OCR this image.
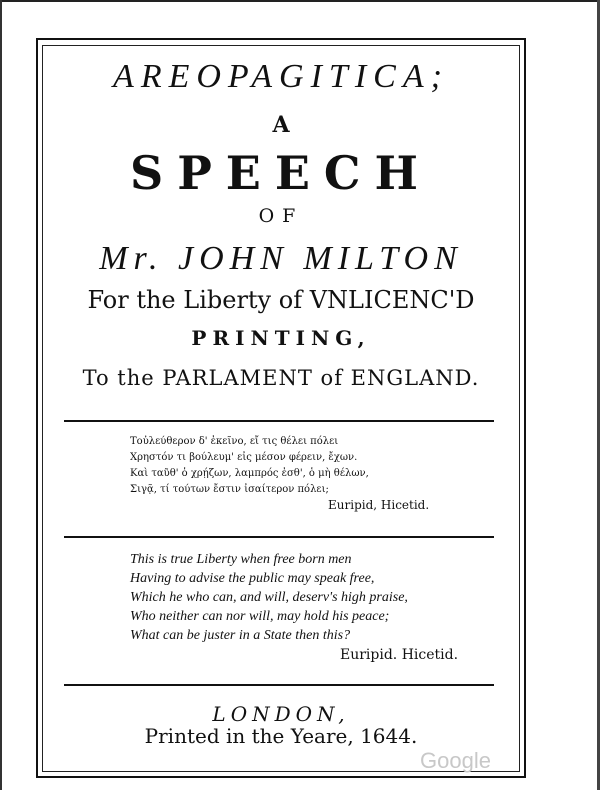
AREOPAGITICA;
A
SPEECH
OF
Mr. JOHN MILTON
For the Liberty of VNLICENC'D
PRINTING,
To the PARLAMENT of ENGLAND.
Τοὐλεύθερον δ' ἐκεῖνο, εἴ τις θέλει πόλει
Χρηστόν τι βούλευμ' εἰς μέσον φέρειν, ἔχων.
Καὶ ταῦθ' ὁ χρῄζων, λαμπρός ἐσθ', ὁ μὴ θέλων,
Σιγᾷ, τί τούτων ἔστιν ἰσαίτερον πόλει;
Euripid, Hicetid.
This is true Liberty when free born men
Having to advise the public may speak free,
Which he who can, and will, deserv's high praise,
Who neither can nor will, may hold his peace;
What can be juster in a State then this?
Euripid. Hicetid.
LONDON,
Printed in the Yeare, 1644.
Google
